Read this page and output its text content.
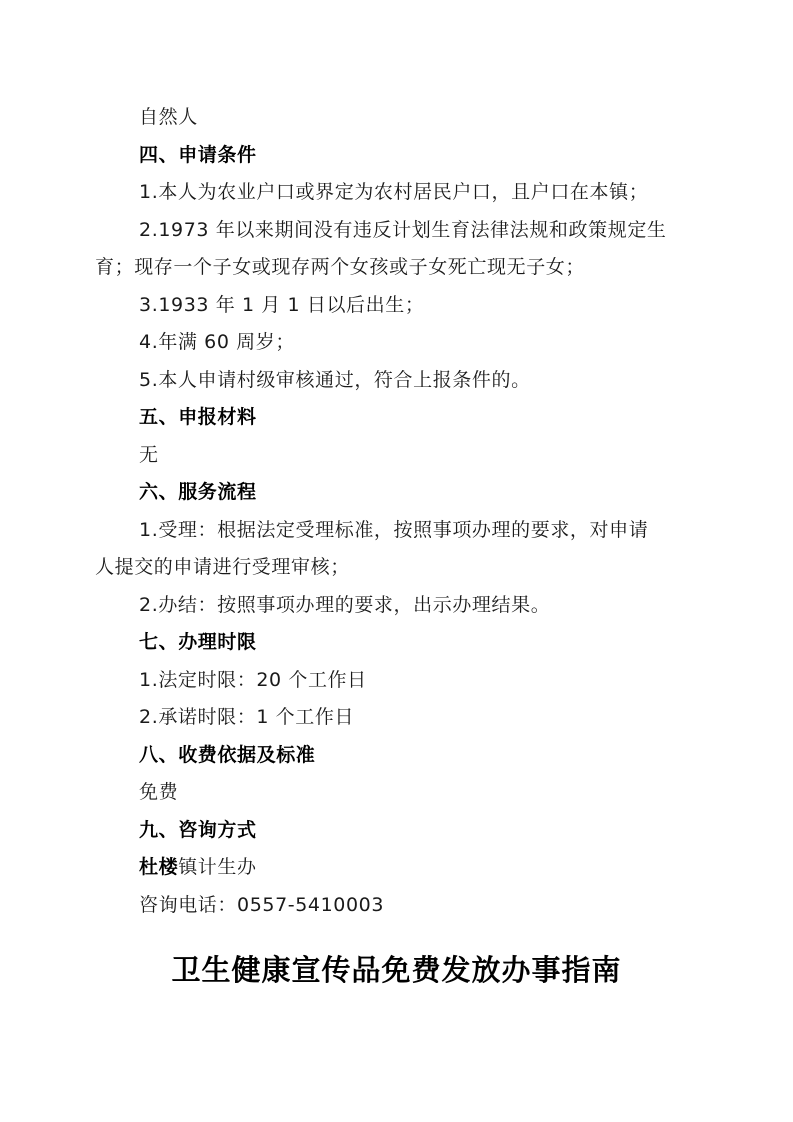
自然人
四、申请条件
1.本人为农业户口或界定为农村居民户口，且户口在本镇；
2.1973 年以来期间没有违反计划生育法律法规和政策规定生
育；现存一个子女或现存两个女孩或子女死亡现无子女；
3.1933 年 1 月 1 日以后出生；
4.年满 60 周岁；
5.本人申请村级审核通过，符合上报条件的。
五、申报材料
无
六、服务流程
1.受理：根据法定受理标准，按照事项办理的要求，对申请
人提交的申请进行受理审核；
2.办结：按照事项办理的要求，出示办理结果。
七、办理时限
1.法定时限：20 个工作日
2.承诺时限：1 个工作日
八、收费依据及标准
免费
九、咨询方式
杜楼镇计生办
咨询电话：0557-5410003
卫生健康宣传品免费发放办事指南
